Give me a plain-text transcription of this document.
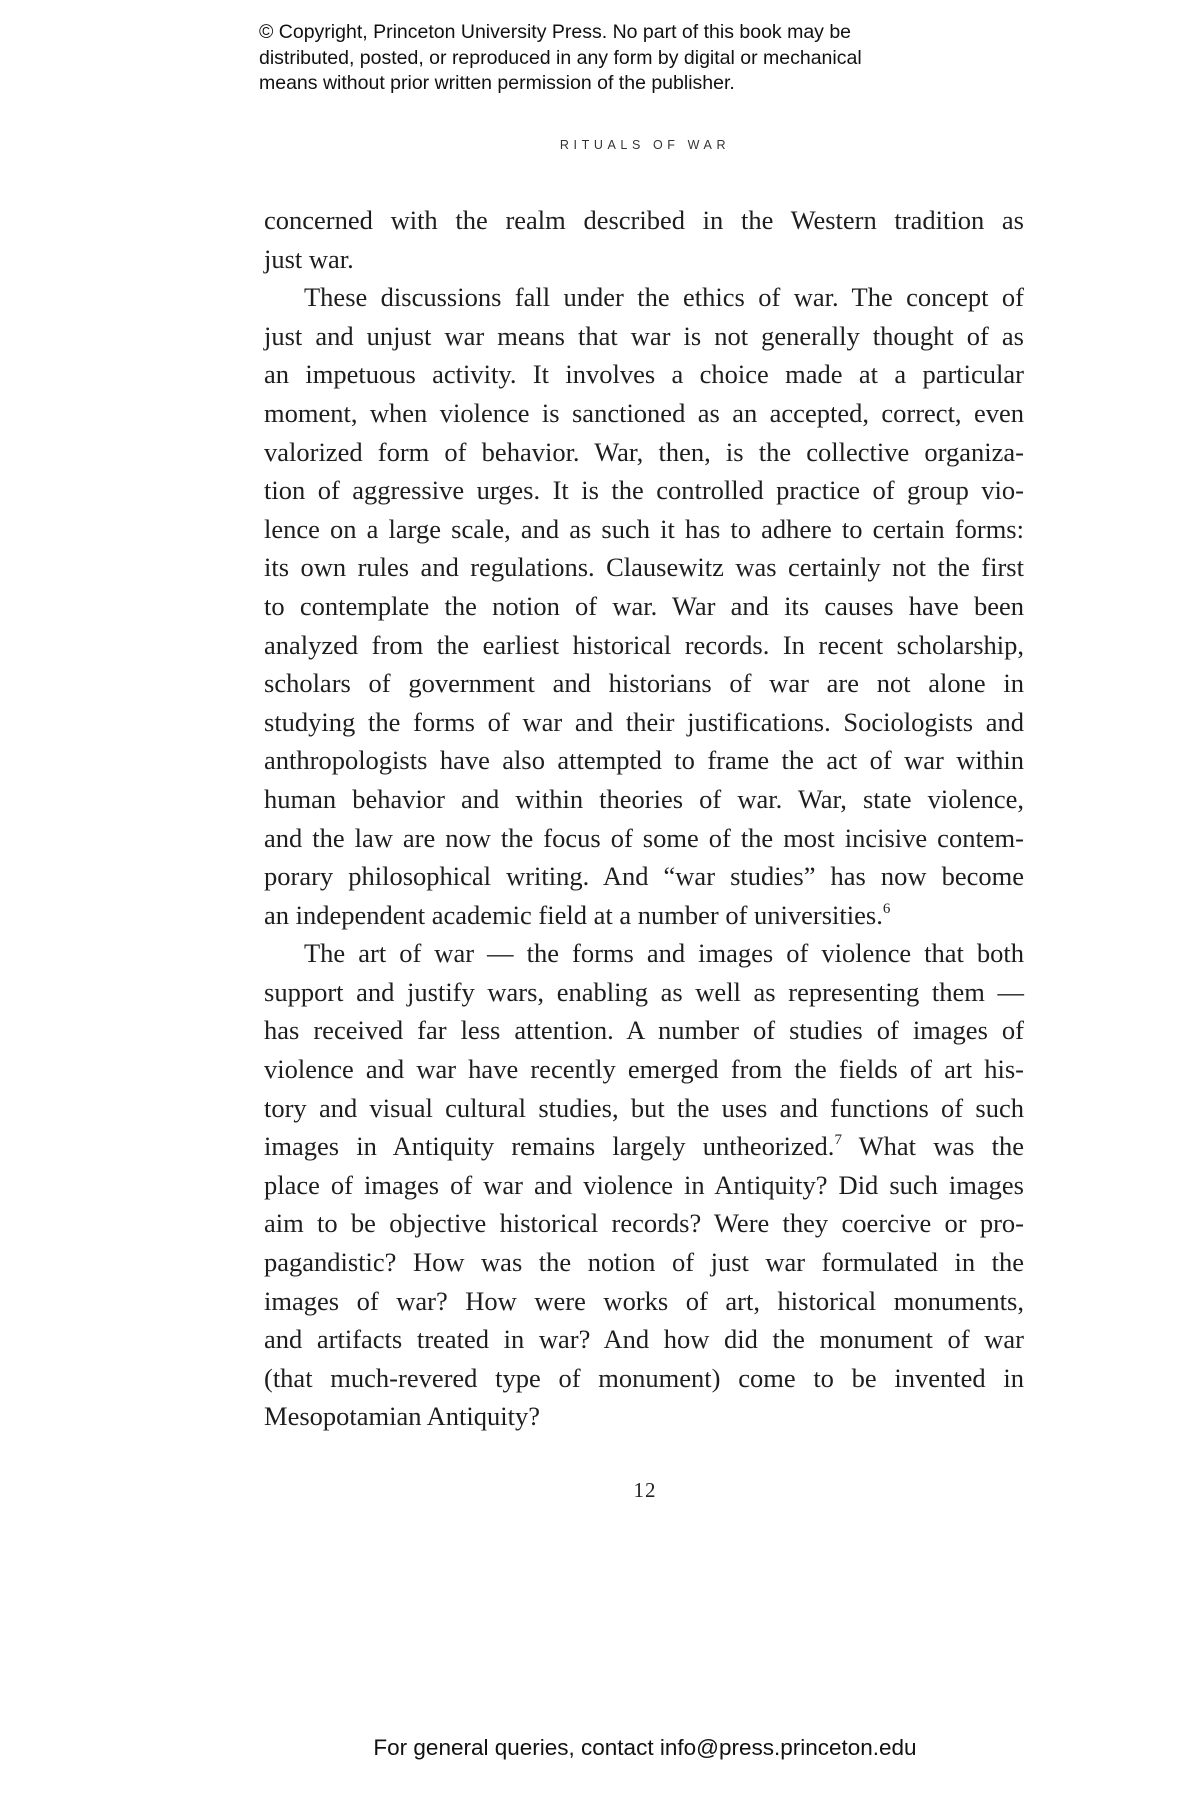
© Copyright, Princeton University Press. No part of this book may be
distributed, posted, or reproduced in any form by digital or mechanical
means without prior written permission of the publisher.
RITUALS OF WAR
concerned with the realm described in the Western tradition as
just war.
These discussions fall under the ethics of war. The concept of
just and unjust war means that war is not generally thought of as
an impetuous activity. It involves a choice made at a particular
moment, when violence is sanctioned as an accepted, correct, even
valorized form of behavior. War, then, is the collective organiza-
tion of aggressive urges. It is the controlled practice of group vio-
lence on a large scale, and as such it has to adhere to certain forms:
its own rules and regulations. Clausewitz was certainly not the first
to contemplate the notion of war. War and its causes have been
analyzed from the earliest historical records. In recent scholarship,
scholars of government and historians of war are not alone in
studying the forms of war and their justifications. Sociologists and
anthropologists have also attempted to frame the act of war within
human behavior and within theories of war. War, state violence,
and the law are now the focus of some of the most incisive contem-
porary philosophical writing. And “war studies” has now become
an independent academic field at a number of universities.$^6$
The art of war — the forms and images of violence that both
support and justify wars, enabling as well as representing them —
has received far less attention. A number of studies of images of
violence and war have recently emerged from the fields of art his-
tory and visual cultural studies, but the uses and functions of such
images in Antiquity remains largely untheorized.$^7$ What was the
place of images of war and violence in Antiquity? Did such images
aim to be objective historical records? Were they coercive or pro-
pagandistic? How was the notion of just war formulated in the
images of war? How were works of art, historical monuments,
and artifacts treated in war? And how did the monument of war
(that much-revered type of monument) come to be invented in
Mesopotamian Antiquity?
12
For general queries, contact info@press.princeton.edu
